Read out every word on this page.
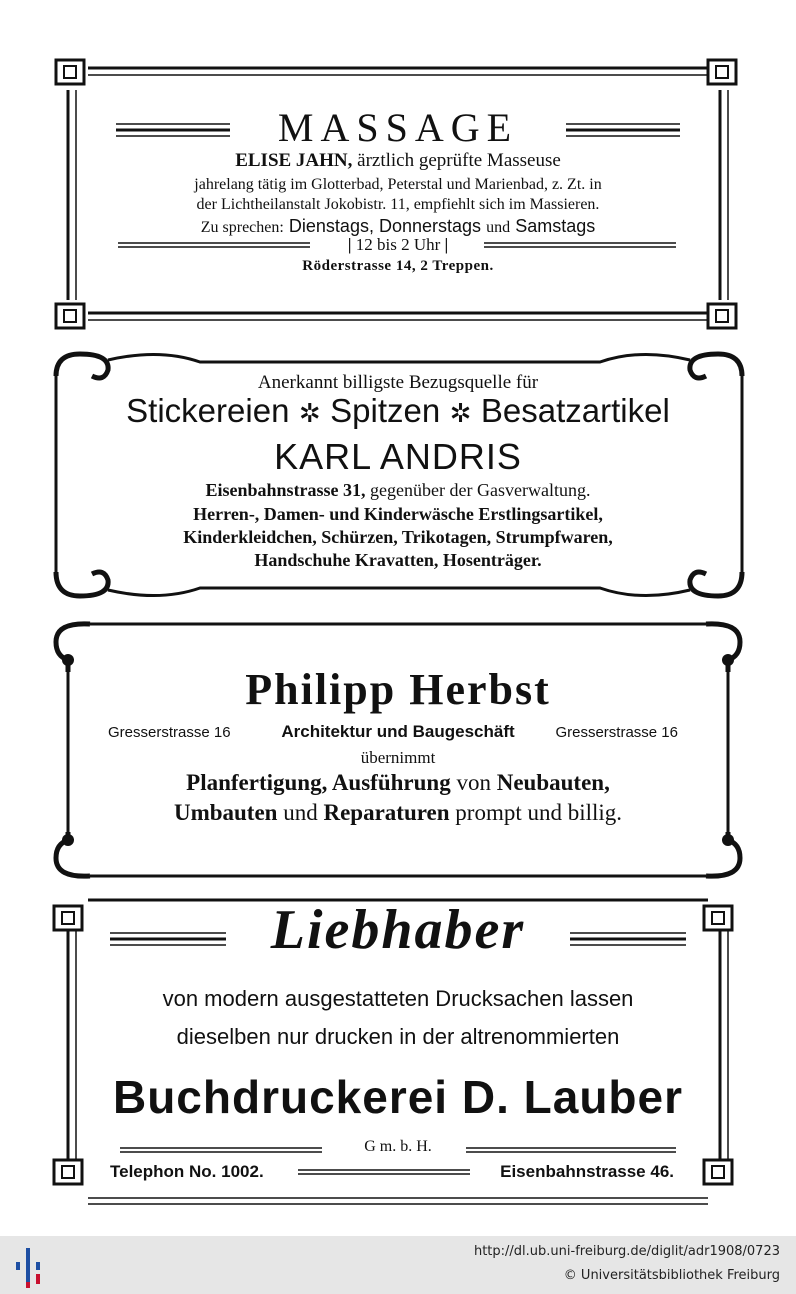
MASSAGE
ELISE JAHN, ärztlich geprüfte Masseuse
jahrelang tätig im Glotterbad, Peterstal und Marienbad, z. Zt. in
der Lichtheilanstalt Jokobistr. 11, empfiehlt sich im Massieren.
Zu sprechen: Dienstags, Donnerstags und Samstags
| 12 bis 2 Uhr |
Röderstrasse 14, 2 Treppen.
Anerkannt billigste Bezugsquelle für
Stickereien ✲ Spitzen ✲ Besatzartikel
KARL ANDRIS
Eisenbahnstrasse 31, gegenüber der Gasverwaltung.
Herren-, Damen- und Kinderwäsche Erstlingsartikel,
Kinderkleidchen, Schürzen, Trikotagen, Strumpfwaren,
Handschuhe Kravatten, Hosenträger.
Philipp Herbst
Gresserstrasse 16	Architektur und Baugeschäft	Gresserstrasse 16
übernimmt
Planfertigung, Ausführung von Neubauten,
Umbauten und Reparaturen prompt und billig.
Liebhaber
von modern ausgestatteten Drucksachen lassen
dieselben nur drucken in der altrenommierten
Buchdruckerei D. Lauber
G m. b. H.
Telephon No. 1002.	Eisenbahnstrasse 46.
http://dl.ub.uni-freiburg.de/diglit/adr1908/0723
© Universitätsbibliothek Freiburg
